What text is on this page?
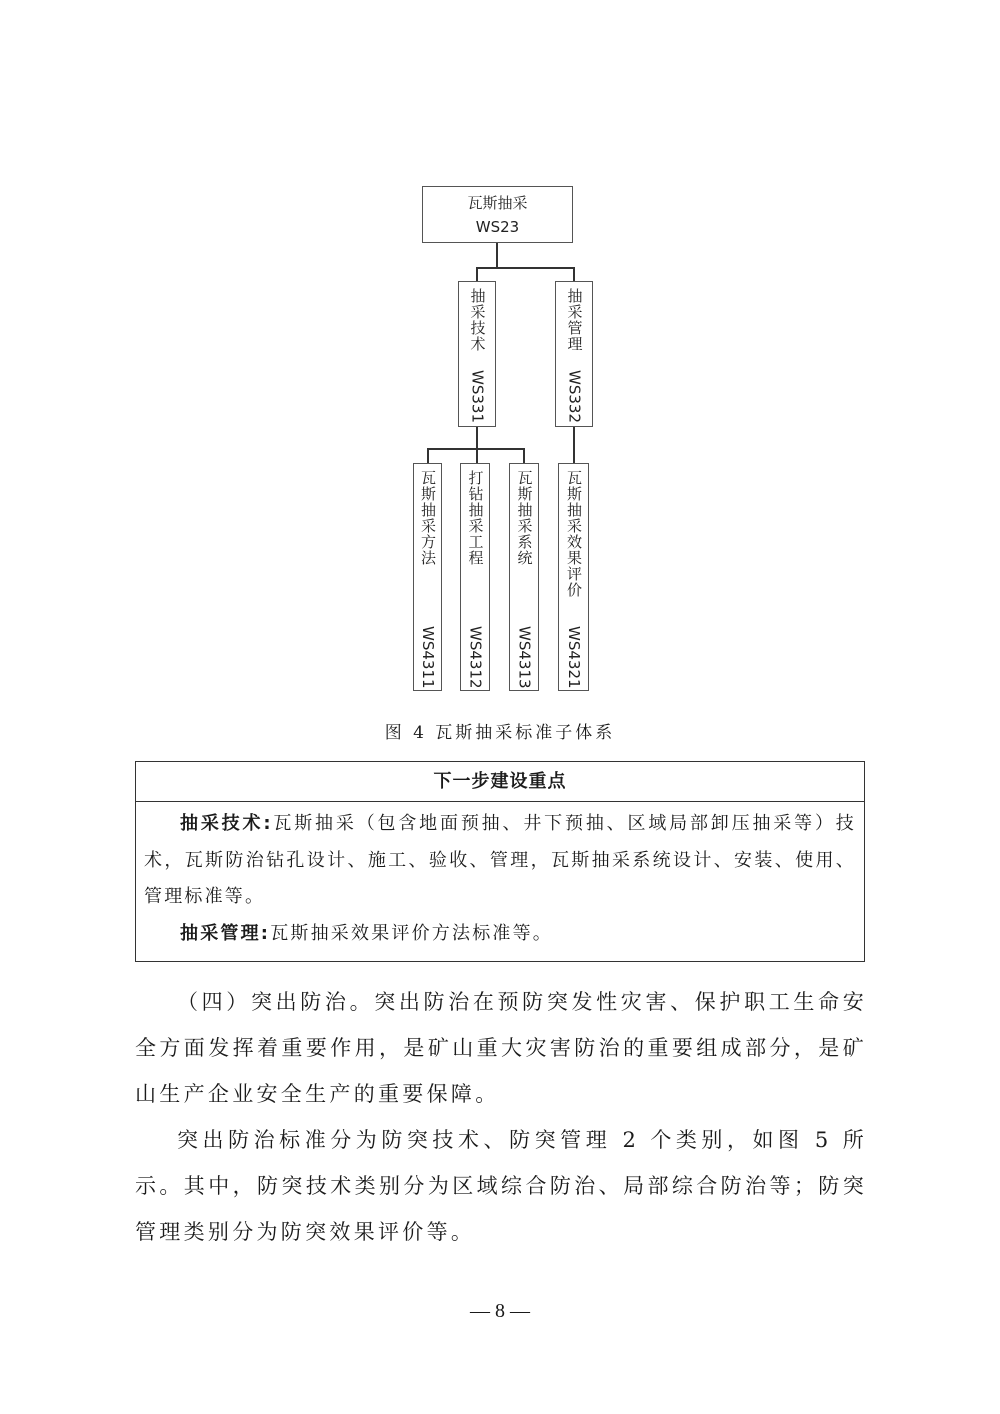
瓦斯抽采
WS23
抽采技术
WS331
抽采管理
WS332
瓦斯抽采方法
WS4311
打钻抽采工程
WS4312
瓦斯抽采系统
WS4313
瓦斯抽采效果评价
WS4321
图 4 瓦斯抽采标准子体系
下一步建设重点

抽采技术:瓦斯抽采（包含地面预抽、井下预抽、区域局部卸压抽采等）技术，瓦斯防治钻孔设计、施工、验收、管理，瓦斯抽采系统设计、安装、使用、管理标准等。

抽采管理:瓦斯抽采效果评价方法标准等。

（四）突出防治。突出防治在预防突发性灾害、保护职工生命安全方面发挥着重要作用，是矿山重大灾害防治的重要组成部分，是矿山生产企业安全生产的重要保障。

突出防治标准分为防突技术、防突管理 2 个类别，如图 5 所示。其中，防突技术类别分为区域综合防治、局部综合防治等；防突管理类别分为防突效果评价等。

— 8 —
